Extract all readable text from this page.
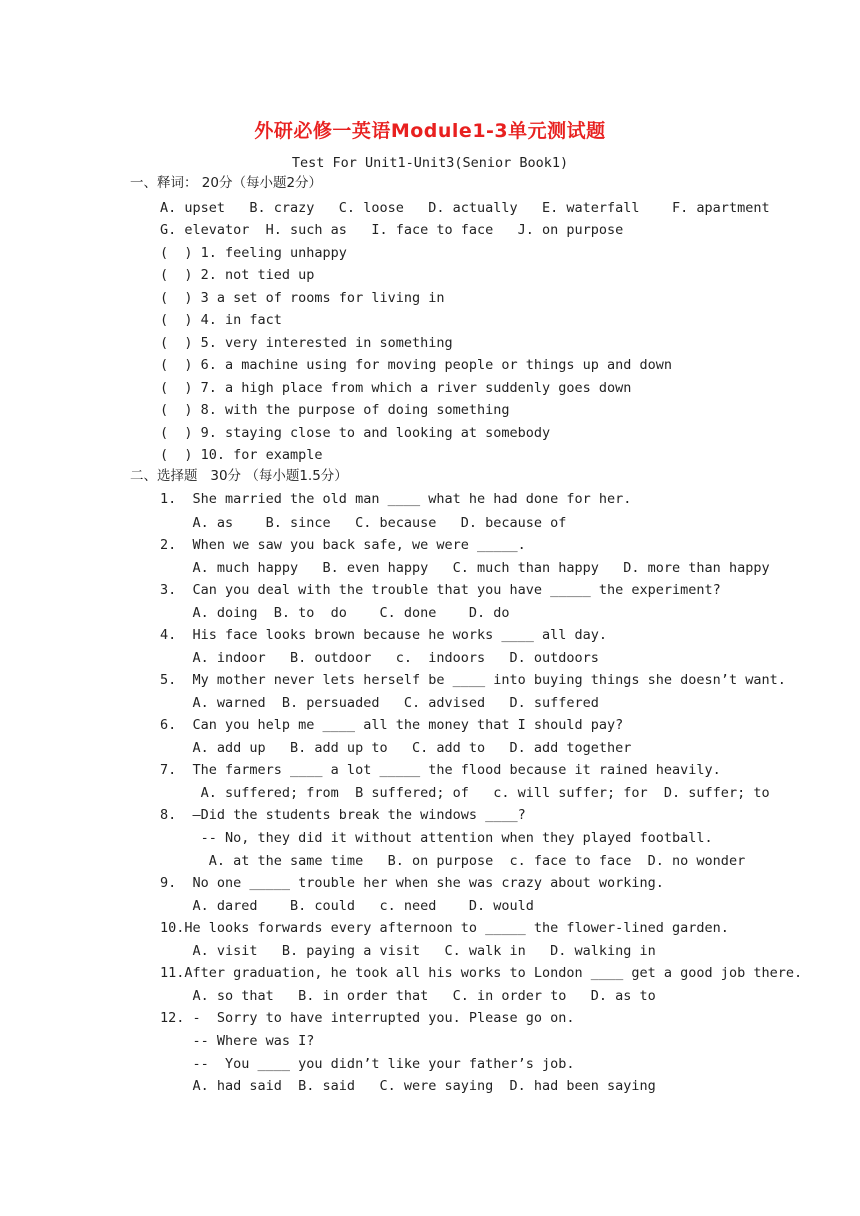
外研必修一英语Module1-3单元测试题
Test For Unit1-Unit3(Senior Book1)
一、释词： 20分（每小题2分）
A. upset   B. crazy   C. loose   D. actually   E. waterfall    F. apartment
G. elevator  H. such as   I. face to face   J. on purpose
(  ) 1. feeling unhappy
(  ) 2. not tied up
(  ) 3 a set of rooms for living in
(  ) 4. in fact
(  ) 5. very interested in something
(  ) 6. a machine using for moving people or things up and down
(  ) 7. a high place from which a river suddenly goes down
(  ) 8. with the purpose of doing something
(  ) 9. staying close to and looking at somebody
(  ) 10. for example
二、选择题   30分 （每小题1.5分）
1.  She married the old man ____ what he had done for her.
A. as    B. since   C. because   D. because of
2.  When we saw you back safe, we were _____.
A. much happy   B. even happy   C. much than happy   D. more than happy
3.  Can you deal with the trouble that you have _____ the experiment?
A. doing  B. to  do    C. done    D. do
4.  His face looks brown because he works ____ all day.
A. indoor   B. outdoor   c.  indoors   D. outdoors
5.  My mother never lets herself be ____ into buying things she doesn’t want.
A. warned  B. persuaded   C. advised   D. suffered
6.  Can you help me ____ all the money that I should pay?
A. add up   B. add up to   C. add to   D. add together
7.  The farmers ____ a lot _____ the flood because it rained heavily.
A. suffered; from  B suffered; of   c. will suffer; for  D. suffer; to
8.  –Did the students break the windows ____?
-- No, they did it without attention when they played football.
A. at the same time   B. on purpose  c. face to face  D. no wonder
9.  No one _____ trouble her when she was crazy about working.
A. dared    B. could   c. need    D. would
10.He looks forwards every afternoon to _____ the flower-lined garden.
A. visit   B. paying a visit   C. walk in   D. walking in
11.After graduation, he took all his works to London ____ get a good job there.
A. so that   B. in order that   C. in order to   D. as to
12. -  Sorry to have interrupted you. Please go on.
-- Where was I?
--  You ____ you didn’t like your father’s job.
A. had said  B. said   C. were saying  D. had been saying
